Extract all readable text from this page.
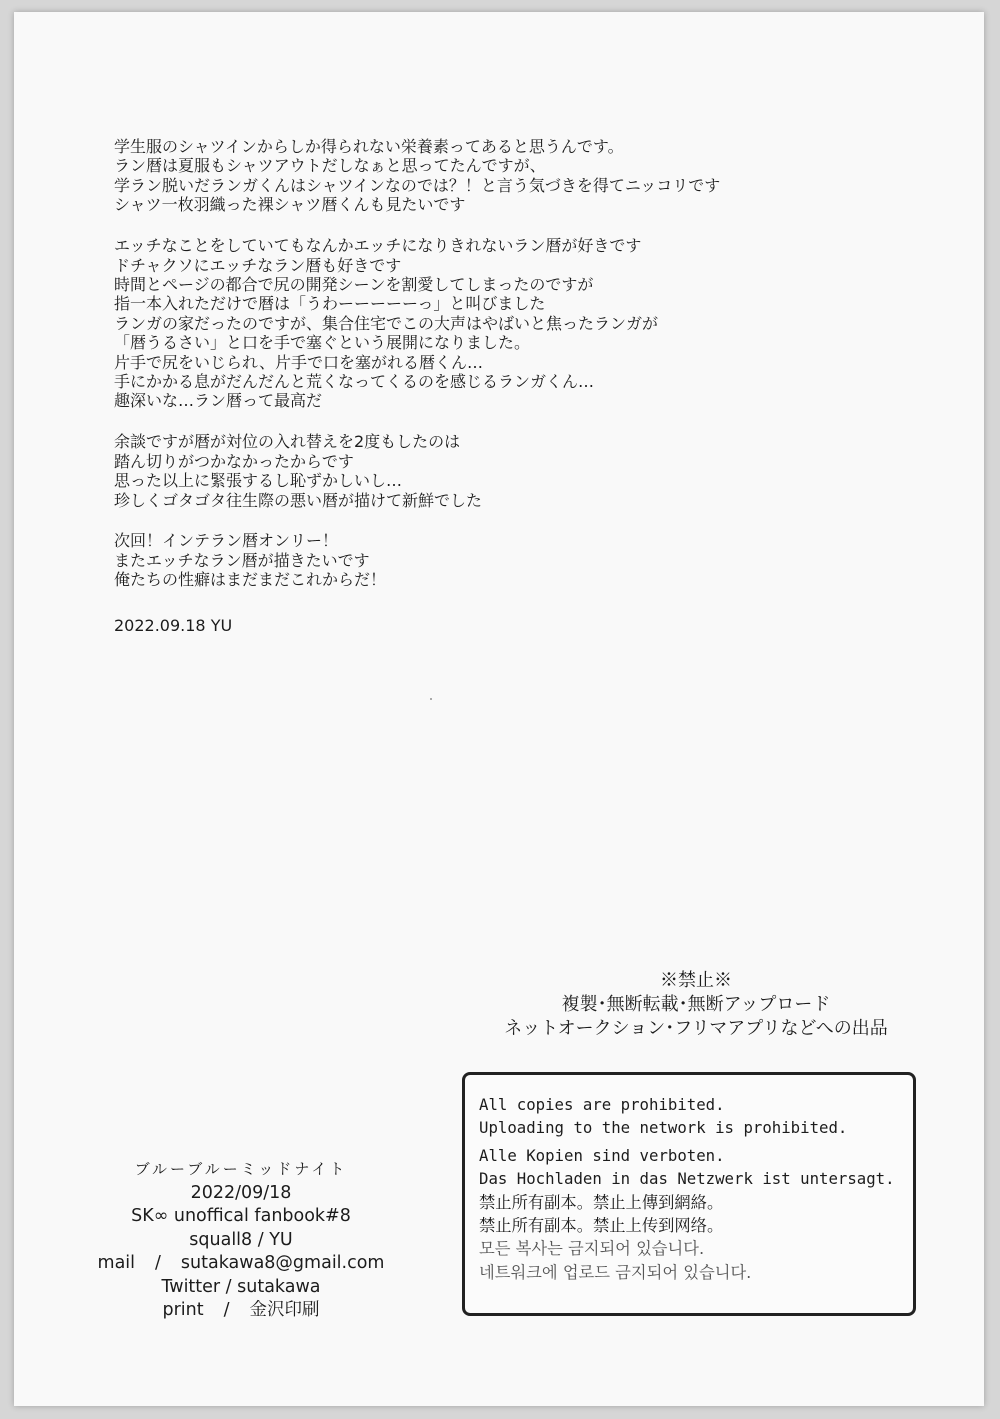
学生服のシャツインからしか得られない栄養素ってあると思うんです。
ラン暦は夏服もシャツアウトだしなぁと思ってたんですが、
学ラン脱いだランガくんはシャツインなのでは？！と言う気づきを得てニッコリです
シャツ一枚羽織った裸シャツ暦くんも見たいです

エッチなことをしていてもなんかエッチになりきれないラン暦が好きです
ドチャクソにエッチなラン暦も好きです
時間とページの都合で尻の開発シーンを割愛してしまったのですが
指一本入れただけで暦は「うわーーーーーっ」と叫びました
ランガの家だったのですが、集合住宅でこの大声はやばいと焦ったランガが
「暦うるさい」と口を手で塞ぐという展開になりました。
片手で尻をいじられ、片手で口を塞がれる暦くん…
手にかかる息がだんだんと荒くなってくるのを感じるランガくん…
趣深いな…ラン暦って最高だ

余談ですが暦が対位の入れ替えを2度もしたのは
踏ん切りがつかなかったからです
思った以上に緊張するし恥ずかしいし…
珍しくゴタゴタ往生際の悪い暦が描けて新鮮でした

次回！インテラン暦オンリー！
またエッチなラン暦が描きたいです
俺たちの性癖はまだまだこれからだ！

2022.09.18 YU
※禁止※
複製･無断転載･無断アップロード
ネットオークション･フリマアプリなどへの出品
All copies are prohibited.
Uploading to the network is prohibited.
Alle Kopien sind verboten.
Das Hochladen in das Netzwerk ist untersagt.
禁止所有副本。禁止上傳到網絡。
禁止所有副本。禁止上传到网络。
모든 복사는 금지되어 있습니다.
네트워크에 업로드 금지되어 있습니다.
ブルーブルーミッドナイト
2022/09/18
SK∞ unoffical fanbook#8
squall8 / YU
mail / sutakawa8@gmail.com
Twitter / sutakawa
print / 金沢印刷
